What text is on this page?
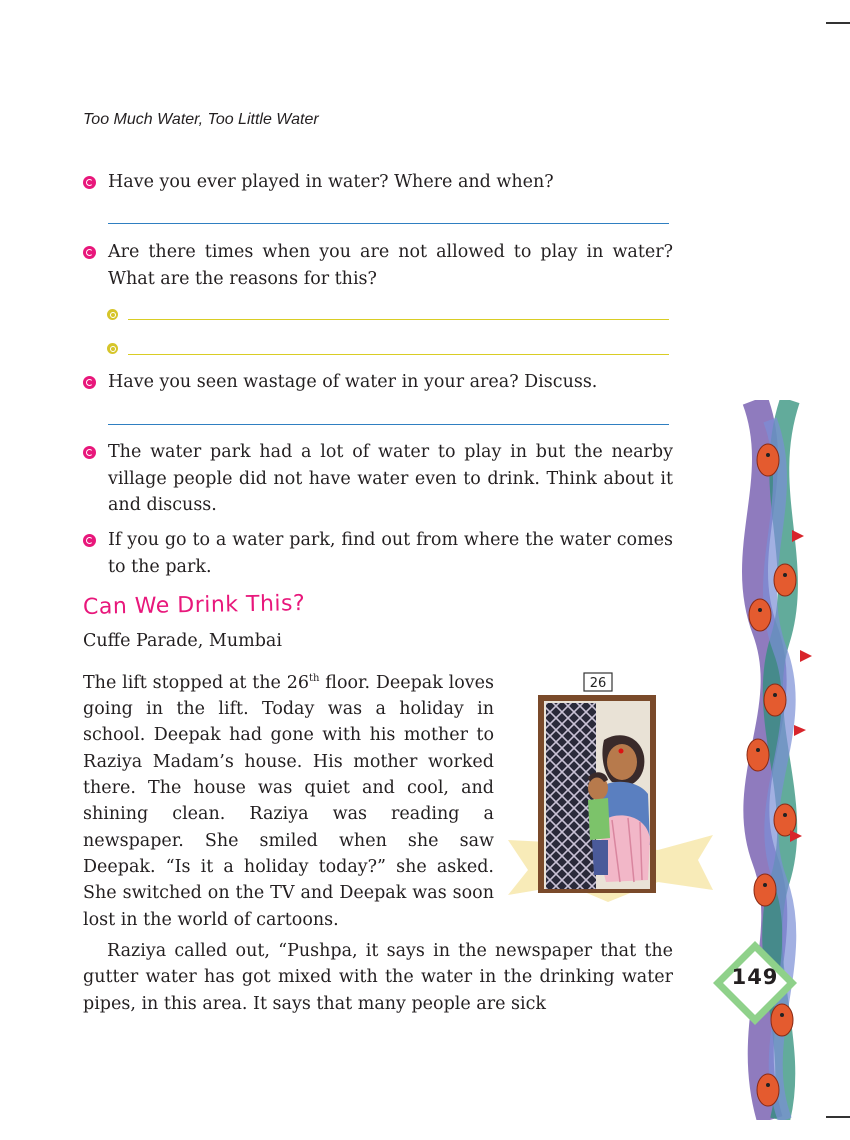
Too Much Water, Too Little Water
Have you ever played in water? Where and when?
Are there times when you are not allowed to play in water? What are the reasons for this?
Have you seen wastage of water in your area? Discuss.
The water park had a lot of water to play in but the nearby village people did not have water even to drink. Think about it and discuss.
If you go to a water park, find out from where the water comes to the park.
Can We Drink This?
Cuffe Parade, Mumbai
The lift stopped at the 26th floor. Deepak loves going in the lift. Today was a holiday in school. Deepak had gone with his mother to Raziya Madam’s house. His mother worked there. The house was quiet and cool, and shining clean. Raziya was reading a newspaper. She smiled when she saw Deepak. “Is it a holiday today?” she asked. She switched on the TV and Deepak was soon lost in the world of cartoons.
Raziya called out, “Pushpa, it says in the newspaper that the gutter water has got mixed with the water in the drinking water pipes, in this area. It says that many people are sick
26
149
